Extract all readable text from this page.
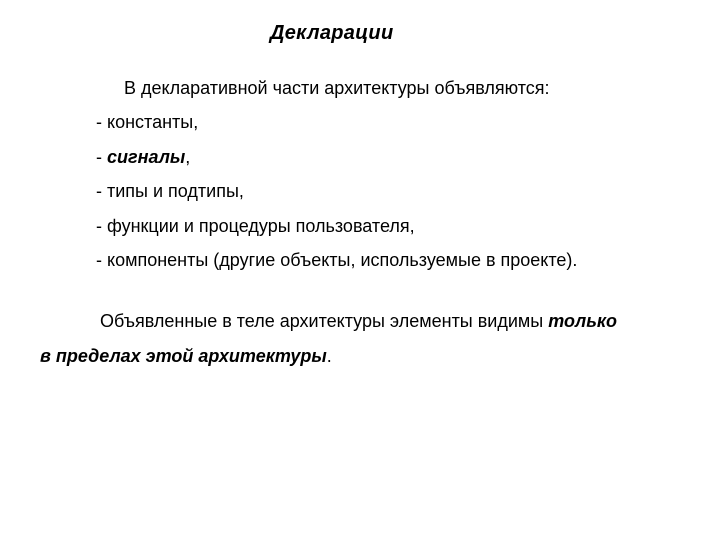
Декларации
В декларативной части архитектуры объявляются:
- константы,
- сигналы,
- типы и подтипы,
- функции и процедуры пользователя,
- компоненты (другие объекты, используемые в проекте).
Объявленные в теле архитектуры элементы видимы только
в пределах этой архитектуры.
